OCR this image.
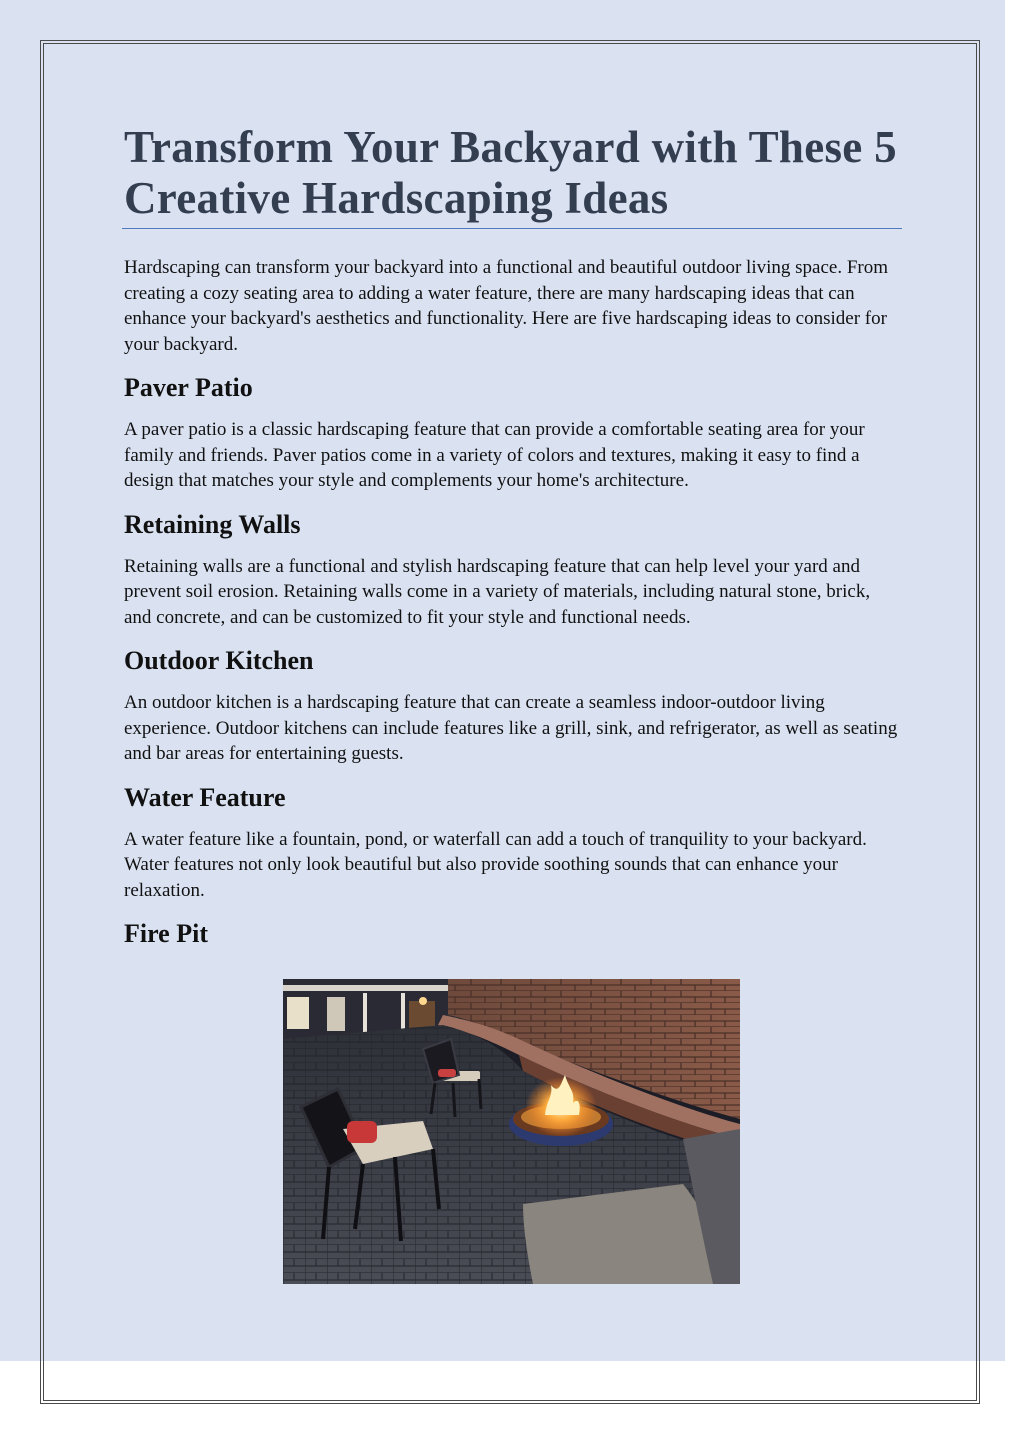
Transform Your Backyard with These 5 Creative Hardscaping Ideas

Hardscaping can transform your backyard into a functional and beautiful outdoor living space. From creating a cozy seating area to adding a water feature, there are many hardscaping ideas that can enhance your backyard's aesthetics and functionality. Here are five hardscaping ideas to consider for your backyard.

Paver Patio

A paver patio is a classic hardscaping feature that can provide a comfortable seating area for your family and friends. Paver patios come in a variety of colors and textures, making it easy to find a design that matches your style and complements your home's architecture.

Retaining Walls

Retaining walls are a functional and stylish hardscaping feature that can help level your yard and prevent soil erosion. Retaining walls come in a variety of materials, including natural stone, brick, and concrete, and can be customized to fit your style and functional needs.

Outdoor Kitchen

An outdoor kitchen is a hardscaping feature that can create a seamless indoor-outdoor living experience. Outdoor kitchens can include features like a grill, sink, and refrigerator, as well as seating and bar areas for entertaining guests.

Water Feature

A water feature like a fountain, pond, or waterfall can add a touch of tranquility to your backyard. Water features not only look beautiful but also provide soothing sounds that can enhance your relaxation.

Fire Pit
